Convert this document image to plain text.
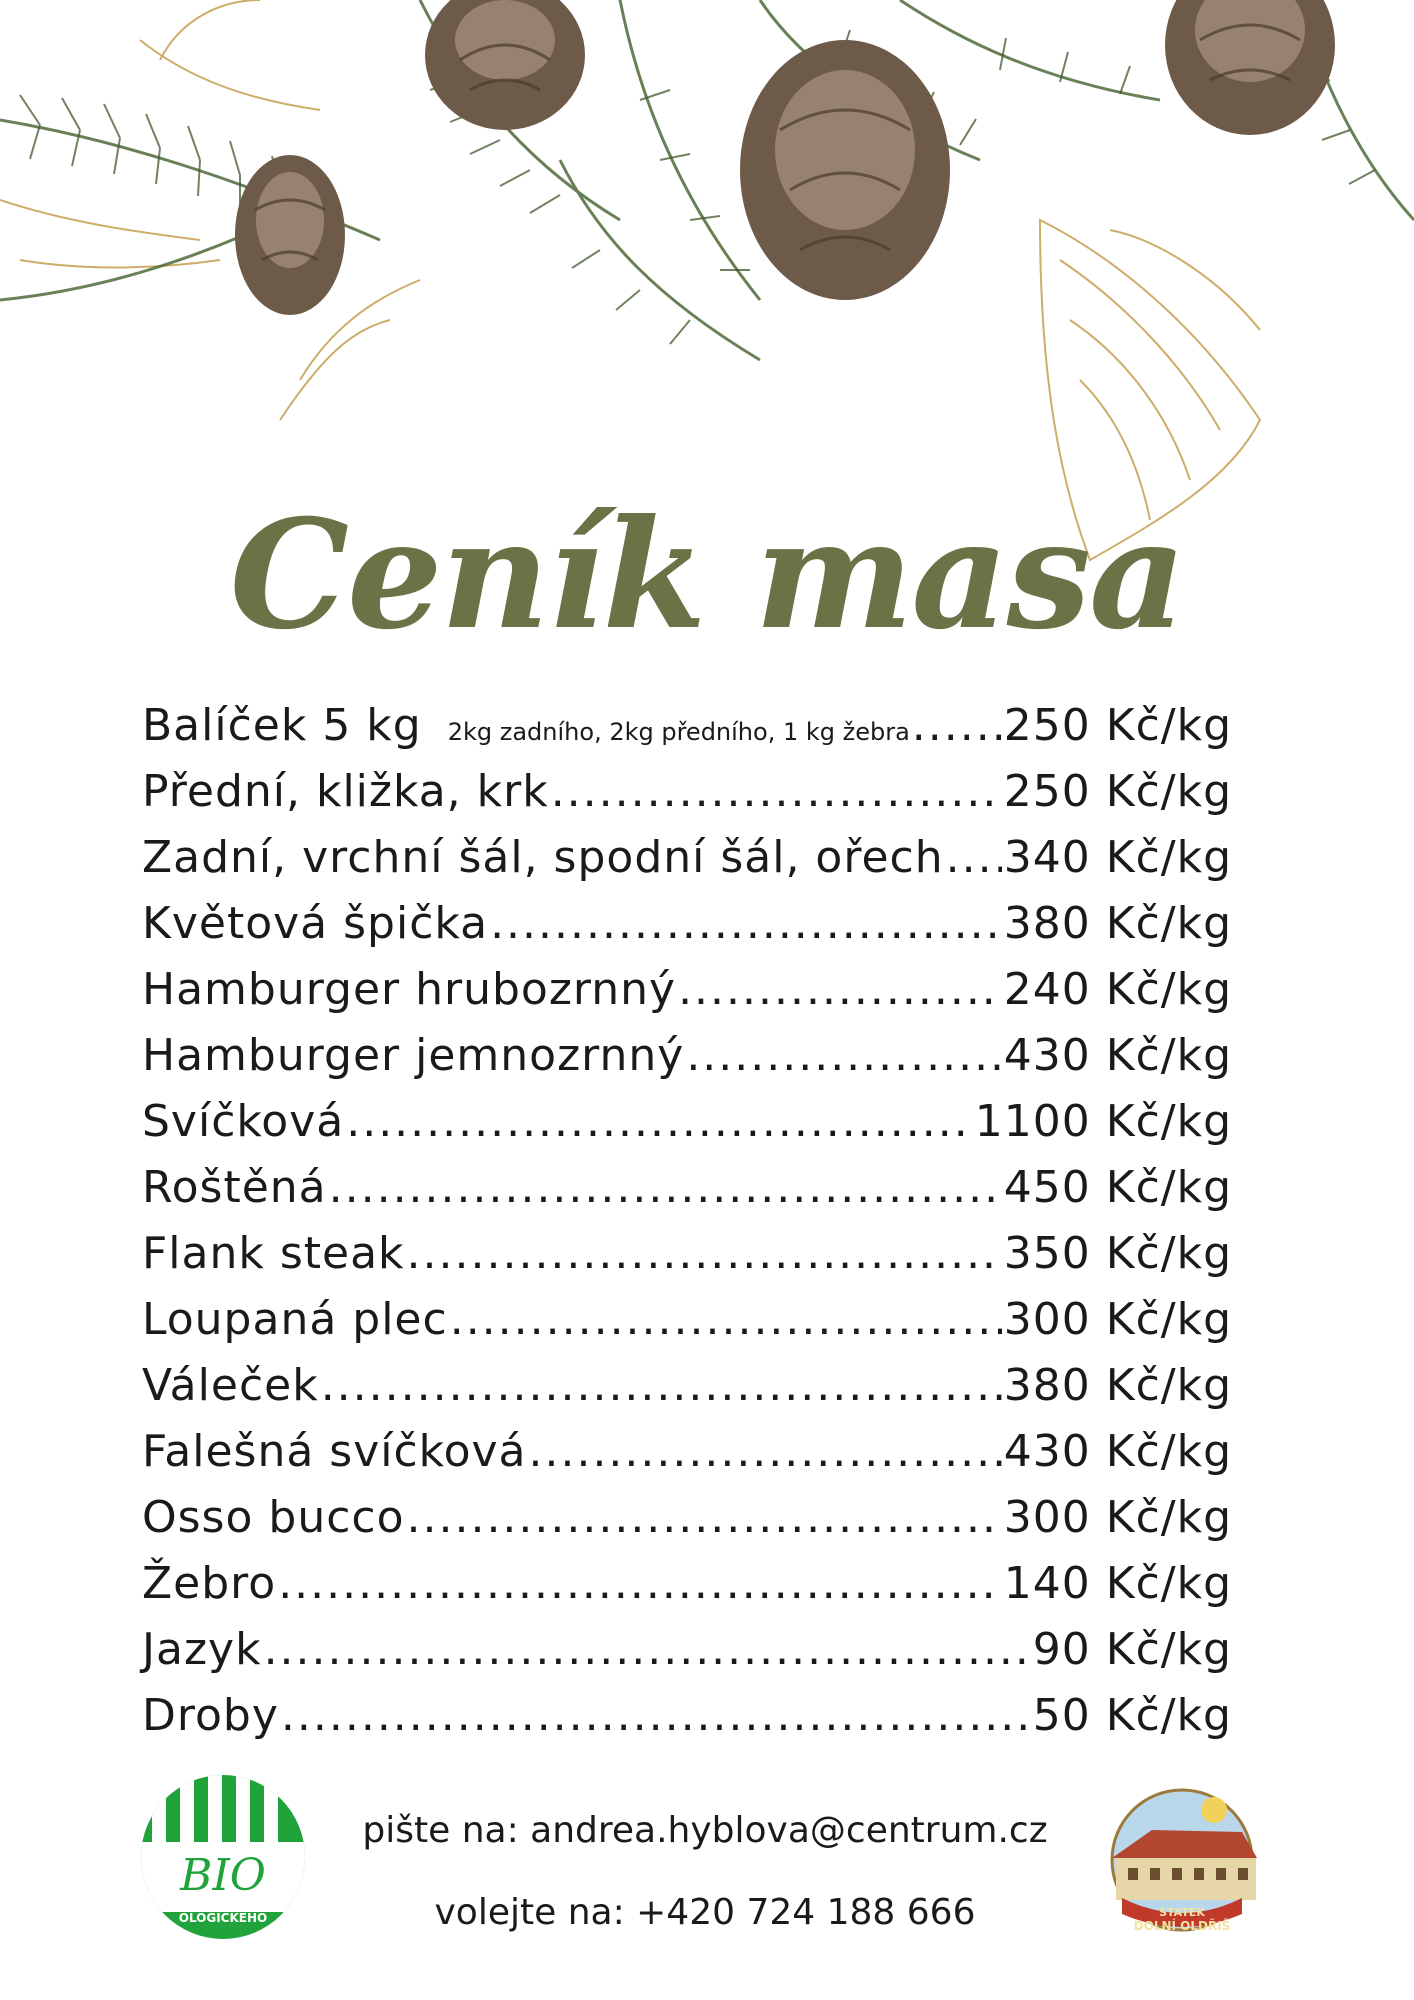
Ceník masa
Balíček 5 kg 2kg zadního, 2kg předního, 1 kg žebra ..... 250 Kč/kg
Přední, kližka, krk .....	250 Kč/kg
Zadní, vrchní šál, spodní šál, ořech ..... 340 Kč/kg
Květová špička .....	380 Kč/kg
Hamburger hrubozrnný .....	240 Kč/kg
Hamburger jemnozrnný .....	430 Kč/kg
Svíčková .....	1100 Kč/kg
Roštěná .....	450 Kč/kg
Flank steak .....	350 Kč/kg
Loupaná plec .....	300 Kč/kg
Váleček .....	380 Kč/kg
Falešná svíčková .....	430 Kč/kg
Osso bucco .....	300 Kč/kg
Žebro .....	140 Kč/kg
Jazyk .....	90 Kč/kg
Droby .....	50 Kč/kg
BIO
OLOGICKÉHO
pište na: andrea.hyblova@centrum.cz
volejte na: +420 724 188 666	STATEK
DOLNÍ OLDŘIŠ
